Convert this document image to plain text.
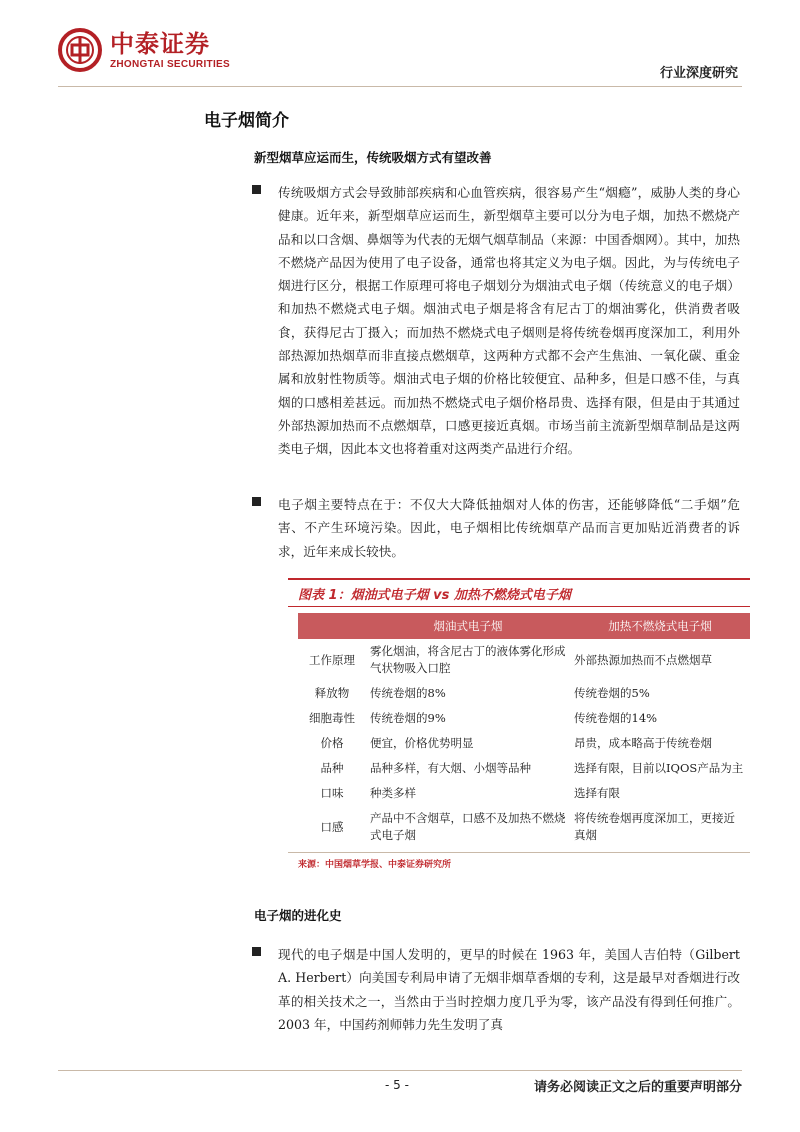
中泰证券
ZHONGTAI SECURITIES
行业深度研究
电子烟简介
新型烟草应运而生，传统吸烟方式有望改善

传统吸烟方式会导致肺部疾病和心血管疾病，很容易产生“烟瘾”，威胁人类的身心健康。近年来，新型烟草应运而生，新型烟草主要可以分为电子烟，加热不燃烧产品和以口含烟、鼻烟等为代表的无烟气烟草制品（来源：中国香烟网）。其中，加热不燃烧产品因为使用了电子设备，通常也将其定义为电子烟。因此，为与传统电子烟进行区分，根据工作原理可将电子烟划分为烟油式电子烟（传统意义的电子烟）和加热不燃烧式电子烟。烟油式电子烟是将含有尼古丁的烟油雾化，供消费者吸食，获得尼古丁摄入；而加热不燃烧式电子烟则是将传统卷烟再度深加工，利用外部热源加热烟草而非直接点燃烟草，这两种方式都不会产生焦油、一氧化碳、重金属和放射性物质等。烟油式电子烟的价格比较便宜、品种多，但是口感不佳，与真烟的口感相差甚远。而加热不燃烧式电子烟价格昂贵、选择有限，但是由于其通过外部热源加热而不点燃烟草，口感更接近真烟。市场当前主流新型烟草制品是这两类电子烟，因此本文也将着重对这两类产品进行介绍。

电子烟主要特点在于：不仅大大降低抽烟对人体的伤害，还能够降低“二手烟”危害、不产生环境污染。因此，电子烟相比传统烟草产品而言更加贴近消费者的诉求，近年来成长较快。

图表 1：烟油式电子烟 vs 加热不燃烧式电子烟
	烟油式电子烟	加热不燃烧式电子烟
工作原理	雾化烟油，将含尼古丁的液体雾化形成气状物吸入口腔	外部热源加热而不点燃烟草
释放物	传统卷烟的8%	传统卷烟的5%
细胞毒性	传统卷烟的9%	传统卷烟的14%
价格	便宜，价格优势明显	昂贵，成本略高于传统卷烟
品种	品种多样，有大烟、小烟等品种	选择有限，目前以IQOS产品为主
口味	种类多样	选择有限
口感	产品中不含烟草，口感不及加热不燃烧式电子烟	将传统卷烟再度深加工，更接近真烟
来源：中国烟草学报、中泰证券研究所
电子烟的进化史

现代的电子烟是中国人发明的，更早的时候在 1963 年，美国人吉伯特（Gilbert A. Herbert）向美国专利局申请了无烟非烟草香烟的专利，这是最早对香烟进行改革的相关技术之一，当然由于当时控烟力度几乎为零，该产品没有得到任何推广。2003 年，中国药剂师韩力先生发明了真

- 5 -	请务必阅读正文之后的重要声明部分
